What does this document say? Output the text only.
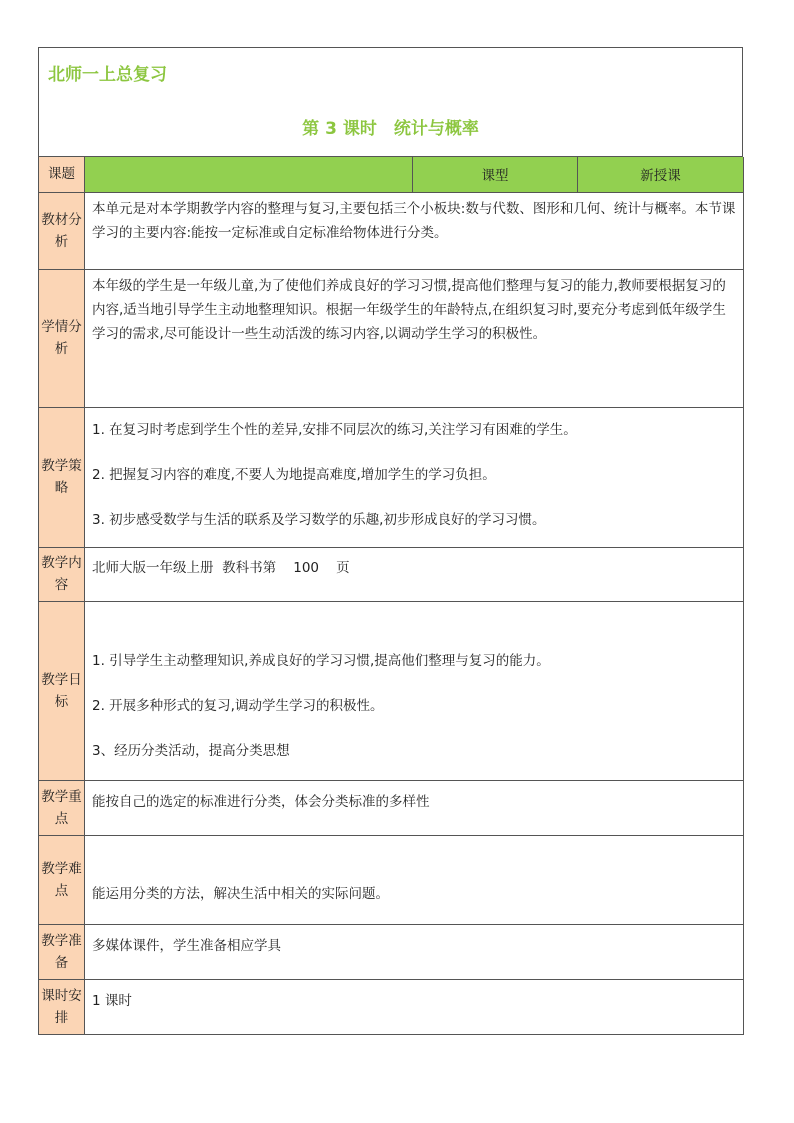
北师一上总复习
第 3 课时　统计与概率
课题		课型	新授课
教材分析	本单元是对本学期教学内容的整理与复习,主要包括三个小板块:数与代数、图形和几何、统计与概率。本节课学习的主要内容:能按一定标准或自定标准给物体进行分类。		
学情分析	本年级的学生是一年级儿童,为了使他们养成良好的学习习惯,提高他们整理与复习的能力,教师要根据复习的内容,适当地引导学生主动地整理知识。根据一年级学生的年龄特点,在组织复习时,要充分考虑到低年级学生学习的需求,尽可能设计一些生动活泼的练习内容,以调动学生学习的积极性。		
教学策略	1. 在复习时考虑到学生个性的差异,安排不同层次的练习,关注学习有困难的学生。
2. 把握复习内容的难度,不要人为地提高难度,增加学生的学习负担。
3. 初步感受数学与生活的联系及学习数学的乐趣,初步形成良好的学习习惯。		

教学内容	北师大版一年级上册  教科书第    100    页		
教学日标	1. 引导学生主动整理知识,养成良好的学习习惯,提高他们整理与复习的能力。
2. 开展多种形式的复习,调动学生学习的积极性。
3、经历分类活动，提高分类思想		

教学重点	能按自己的选定的标准进行分类，体会分类标准的多样性		
教学难点	能运用分类的方法，解决生活中相关的实际问题。		
教学准备	多媒体课件，学生准备相应学具		
课时安排	1 课时		
